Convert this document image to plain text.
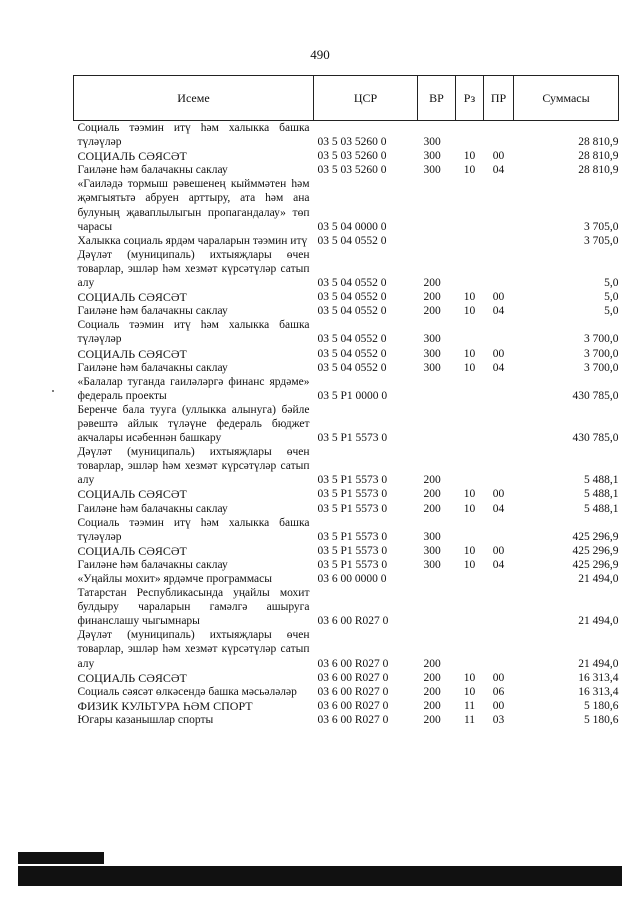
490
Исеме	ЦСР	ВР	Рз	ПР	Суммасы
Социаль тәэмин итү һәм халыкка башка түләүләр	03 5 03 5260 0	300			28 810,9
СОЦИАЛЬ СӘЯСӘТ	03 5 03 5260 0	300	10	00	28 810,9
Гаиләне һәм балачакны саклау	03 5 03 5260 0	300	10	04	28 810,9
«Гаиләдә тормыш рәвешенең кыйммәтен һәм җәмгыятьтә абруен арттыру, ата һәм ана булуның җаваплылыгын пропагандалау» төп чарасы	03 5 04 0000 0				3 705,0
Халыкка социаль ярдәм чараларын тәэмин итү	03 5 04 0552 0				3 705,0
Дәүләт (муниципаль) ихтыяҗлары өчен товарлар, эшләр һәм хезмәт күрсәтүләр сатып алу	03 5 04 0552 0	200			5,0
СОЦИАЛЬ СӘЯСӘТ	03 5 04 0552 0	200	10	00	5,0
Гаиләне һәм балачакны саклау	03 5 04 0552 0	200	10	04	5,0
Социаль тәэмин итү һәм халыкка башка түләүләр	03 5 04 0552 0	300			3 700,0
СОЦИАЛЬ СӘЯСӘТ	03 5 04 0552 0	300	10	00	3 700,0
Гаиләне һәм балачакны саклау	03 5 04 0552 0	300	10	04	3 700,0
«Балалар туганда гаиләләргә финанс ярдәме» федераль проекты	03 5 P1 0000 0				430 785,0
Беренче бала туугa (уллыкка алынуга) бәйле рәвештә айлык түләүне федераль бюджет акчалары исәбеннән башкару	03 5 P1 5573 0				430 785,0
Дәүләт (муниципаль) ихтыяҗлары өчен товарлар, эшләр һәм хезмәт күрсәтүләр сатып алу	03 5 P1 5573 0	200			5 488,1
СОЦИАЛЬ СӘЯСӘТ	03 5 P1 5573 0	200	10	00	5 488,1
Гаиләне һәм балачакны саклау	03 5 P1 5573 0	200	10	04	5 488,1
Социаль тәэмин итү һәм халыкка башка түләүләр	03 5 P1 5573 0	300			425 296,9
СОЦИАЛЬ СӘЯСӘТ	03 5 P1 5573 0	300	10	00	425 296,9
Гаиләне һәм балачакны саклау	03 5 P1 5573 0	300	10	04	425 296,9
«Уңайлы мохит» ярдәмче программасы	03 6 00 0000 0				21 494,0
Татарстан Республикасында уңайлы мохит булдыру чараларын гамәлгә ашыруга финанслашу чыгымнары	03 6 00 R027 0				21 494,0
Дәүләт (муниципаль) ихтыяҗлары өчен товарлар, эшләр һәм хезмәт күрсәтүләр сатып алу	03 6 00 R027 0	200			21 494,0
СОЦИАЛЬ СӘЯСӘТ	03 6 00 R027 0	200	10	00	16 313,4
Социаль сәясәт өлкәсендә башка мәсьәләләр	03 6 00 R027 0	200	10	06	16 313,4
ФИЗИК КУЛЬТУРА ҺӘМ СПОРТ	03 6 00 R027 0	200	11	00	5 180,6
Югары казанышлар спорты	03 6 00 R027 0	200	11	03	5 180,6
